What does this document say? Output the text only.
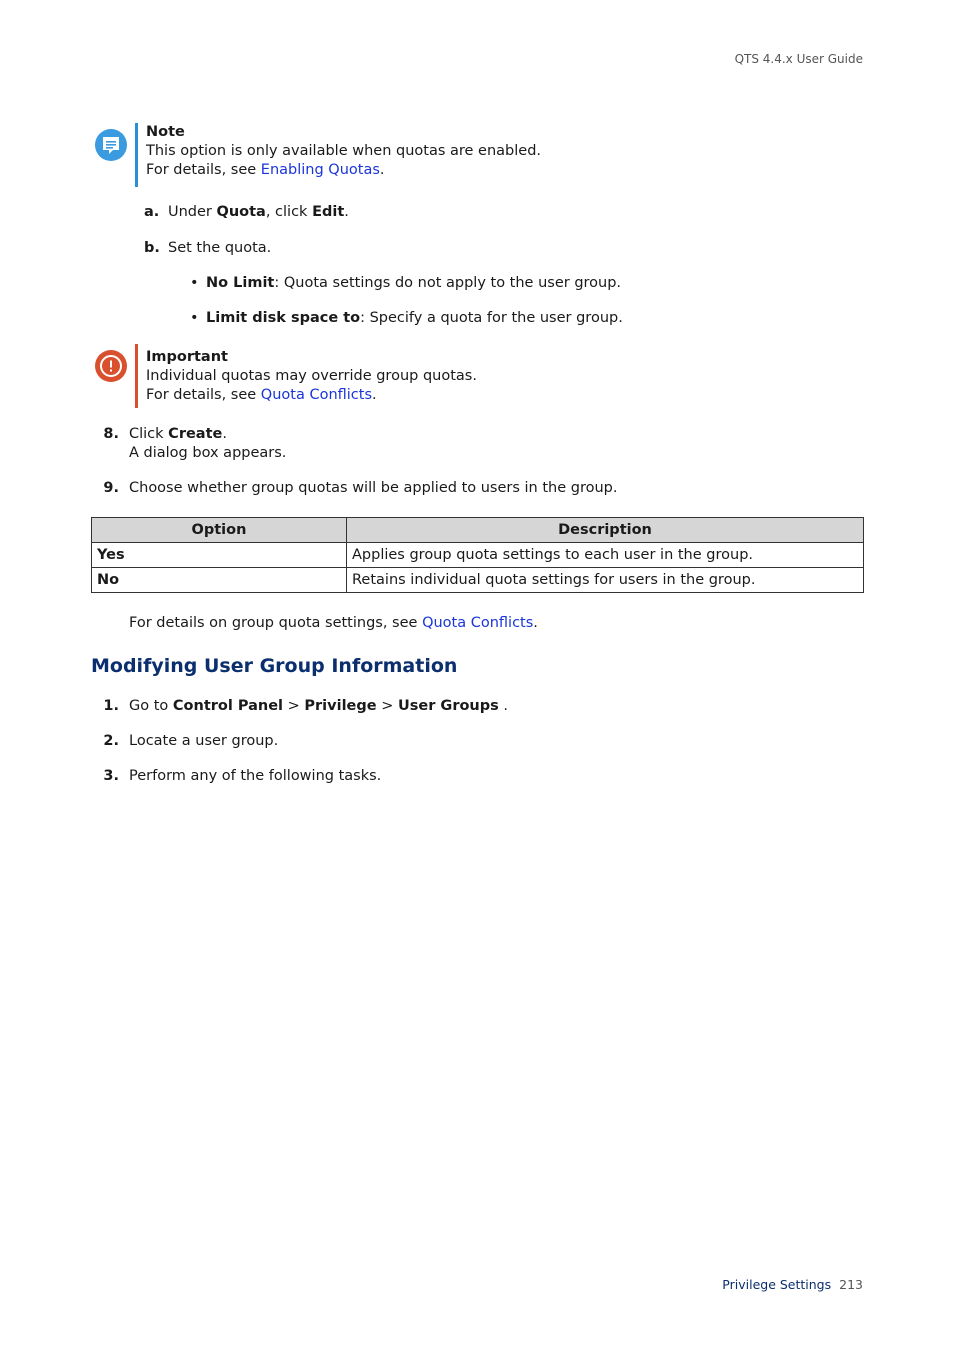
QTS 4.4.x User Guide
Note
This option is only available when quotas are enabled.
For details, see Enabling Quotas.
a. Under Quota, click Edit.
b. Set the quota.
• No Limit: Quota settings do not apply to the user group.
• Limit disk space to: Specify a quota for the user group.
Important
Individual quotas may override group quotas.
For details, see Quota Conflicts.
8. Click Create.
A dialog box appears.
9. Choose whether group quotas will be applied to users in the group.
Option	Description
Yes	Applies group quota settings to each user in the group.
No	Retains individual quota settings for users in the group.
For details on group quota settings, see Quota Conflicts.
Modifying User Group Information
1. Go to Control Panel > Privilege > User Groups .
2. Locate a user group.
3. Perform any of the following tasks.
Privilege Settings 213
